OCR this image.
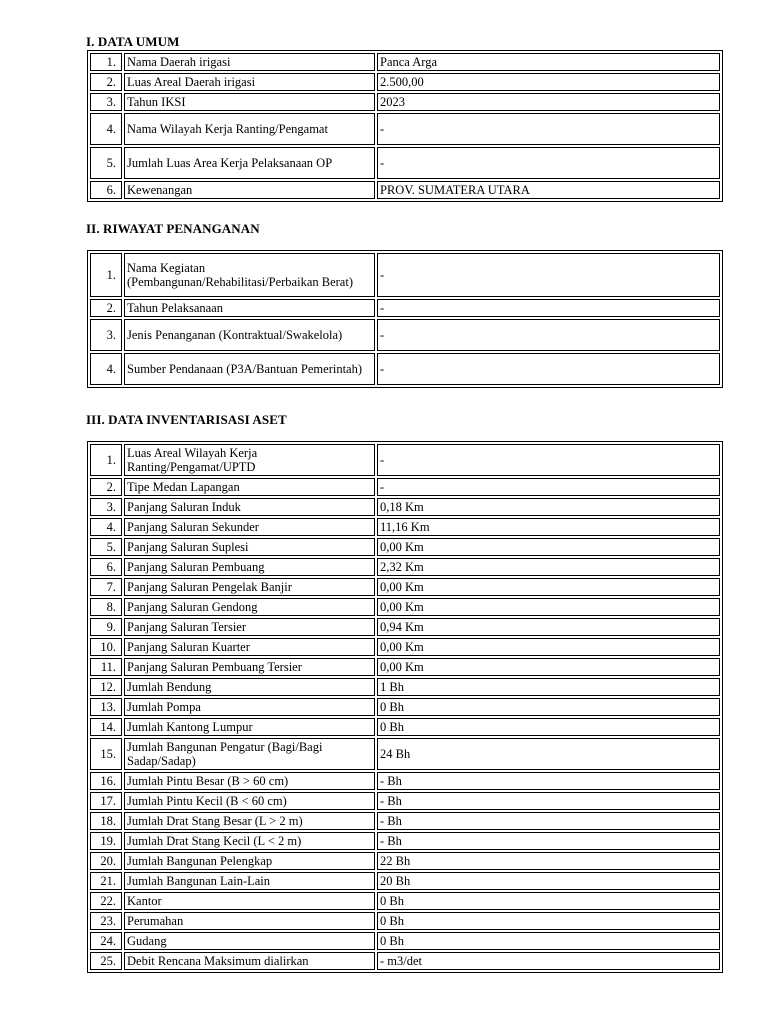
I. DATA UMUM
1.	Nama Daerah irigasi	Panca Arga
2.	Luas Areal Daerah irigasi	2.500,00
3.	Tahun IKSI	2023
4.	Nama Wilayah Kerja Ranting/Pengamat	-
5.	Jumlah Luas Area Kerja Pelaksanaan OP	-
6.	Kewenangan	PROV. SUMATERA UTARA
II. RIWAYAT PENANGANAN
1.	Nama Kegiatan (Pembangunan/Rehabilitasi/Perbaikan Berat)	-
2.	Tahun Pelaksanaan	-
3.	Jenis Penanganan (Kontraktual/Swakelola)	-
4.	Sumber Pendanaan (P3A/Bantuan Pemerintah)	-
III. DATA INVENTARISASI ASET
1.	Luas Areal Wilayah Kerja Ranting/Pengamat/UPTD	-
2.	Tipe Medan Lapangan	-
3.	Panjang Saluran Induk	0,18 Km
4.	Panjang Saluran Sekunder	11,16 Km
5.	Panjang Saluran Suplesi	0,00 Km
6.	Panjang Saluran Pembuang	2,32 Km
7.	Panjang Saluran Pengelak Banjir	0,00 Km
8.	Panjang Saluran Gendong	0,00 Km
9.	Panjang Saluran Tersier	0,94 Km
10.	Panjang Saluran Kuarter	0,00 Km
11.	Panjang Saluran Pembuang Tersier	0,00 Km
12.	Jumlah Bendung	1 Bh
13.	Jumlah Pompa	0 Bh
14.	Jumlah Kantong Lumpur	0 Bh
15.	Jumlah Bangunan Pengatur (Bagi/Bagi Sadap/Sadap)	24 Bh
16.	Jumlah Pintu Besar (B > 60 cm)	- Bh
17.	Jumlah Pintu Kecil (B < 60 cm)	- Bh
18.	Jumlah Drat Stang Besar (L > 2 m)	- Bh
19.	Jumlah Drat Stang Kecil (L < 2 m)	- Bh
20.	Jumlah Bangunan Pelengkap	22 Bh
21.	Jumlah Bangunan Lain-Lain	20 Bh
22.	Kantor	0 Bh
23.	Perumahan	0 Bh
24.	Gudang	0 Bh
25.	Debit Rencana Maksimum dialirkan	- m3/det
